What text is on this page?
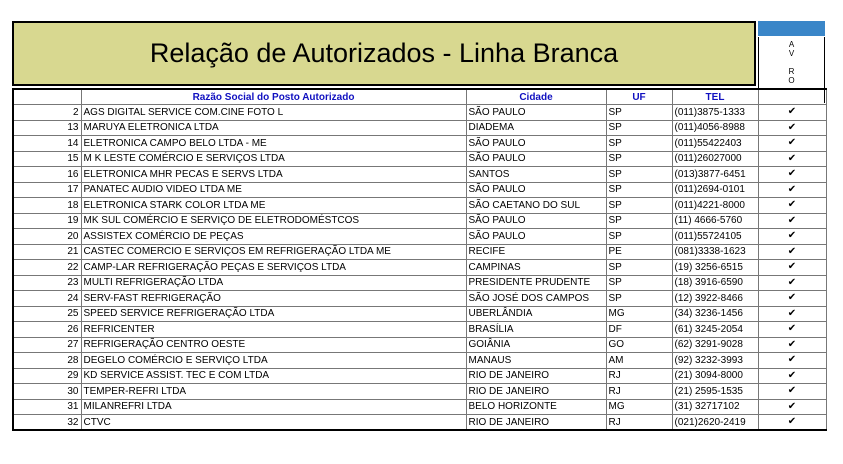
Relação de Autorizados - Linha Branca	A
V

R
O
	Razão Social do Posto Autorizado	Cidade	UF	TEL	
2	AGS DIGITAL SERVICE COM.CINE FOTO L	SÃO PAULO	SP	(011)3875-1333	✔
13	MARUYA ELETRONICA LTDA	DIADEMA	SP	(011)4056-8988	✔
14	ELETRONICA CAMPO BELO LTDA - ME	SÃO PAULO	SP	(011)55422403	✔
15	M K LESTE COMÉRCIO E SERVIÇOS LTDA	SÃO PAULO	SP	(011)26027000	✔
16	ELETRONICA MHR PECAS E SERVS LTDA	SANTOS	SP	(013)3877-6451	✔
17	PANATEC AUDIO VIDEO LTDA ME	SÃO PAULO	SP	(011)2694-0101	✔
18	ELETRONICA STARK COLOR LTDA ME	SÃO CAETANO DO SUL	SP	(011)4221-8000	✔
19	MK SUL COMÉRCIO E SERVIÇO DE ELETRODOMÉSTCOS	SÃO PAULO	SP	(11) 4666-5760	✔
20	ASSISTEX COMÉRCIO DE PEÇAS	SÃO PAULO	SP	(011)55724105	✔
21	CASTEC COMERCIO E SERVIÇOS EM REFRIGERAÇÃO LTDA ME	RECIFE	PE	(081)3338-1623	✔
22	CAMP-LAR REFRIGERAÇÃO PEÇAS E SERVIÇOS LTDA	CAMPINAS	SP	(19) 3256-6515	✔
23	MULTI REFRIGERAÇÃO LTDA	PRESIDENTE PRUDENTE	SP	(18) 3916-6590	✔
24	SERV-FAST REFRIGERAÇÃO	SÃO JOSÉ DOS CAMPOS	SP	(12) 3922-8466	✔
25	SPEED SERVICE REFRIGERAÇÃO LTDA	UBERLÂNDIA	MG	(34) 3236-1456	✔
26	REFRICENTER	BRASÍLIA	DF	(61) 3245-2054	✔
27	REFRIGERAÇÃO CENTRO OESTE	GOIÂNIA	GO	(62) 3291-9028	✔
28	DEGELO COMÉRCIO E SERVIÇO LTDA	MANAUS	AM	(92) 3232-3993	✔
29	KD SERVICE ASSIST. TEC E COM LTDA	RIO DE JANEIRO	RJ	(21) 3094-8000	✔
30	TEMPER-REFRI LTDA	RIO DE JANEIRO	RJ	(21) 2595-1535	✔
31	MILANREFRI LTDA	BELO HORIZONTE	MG	(31) 32717102	✔
32	CTVC	RIO DE JANEIRO	RJ	(021)2620-2419	✔
